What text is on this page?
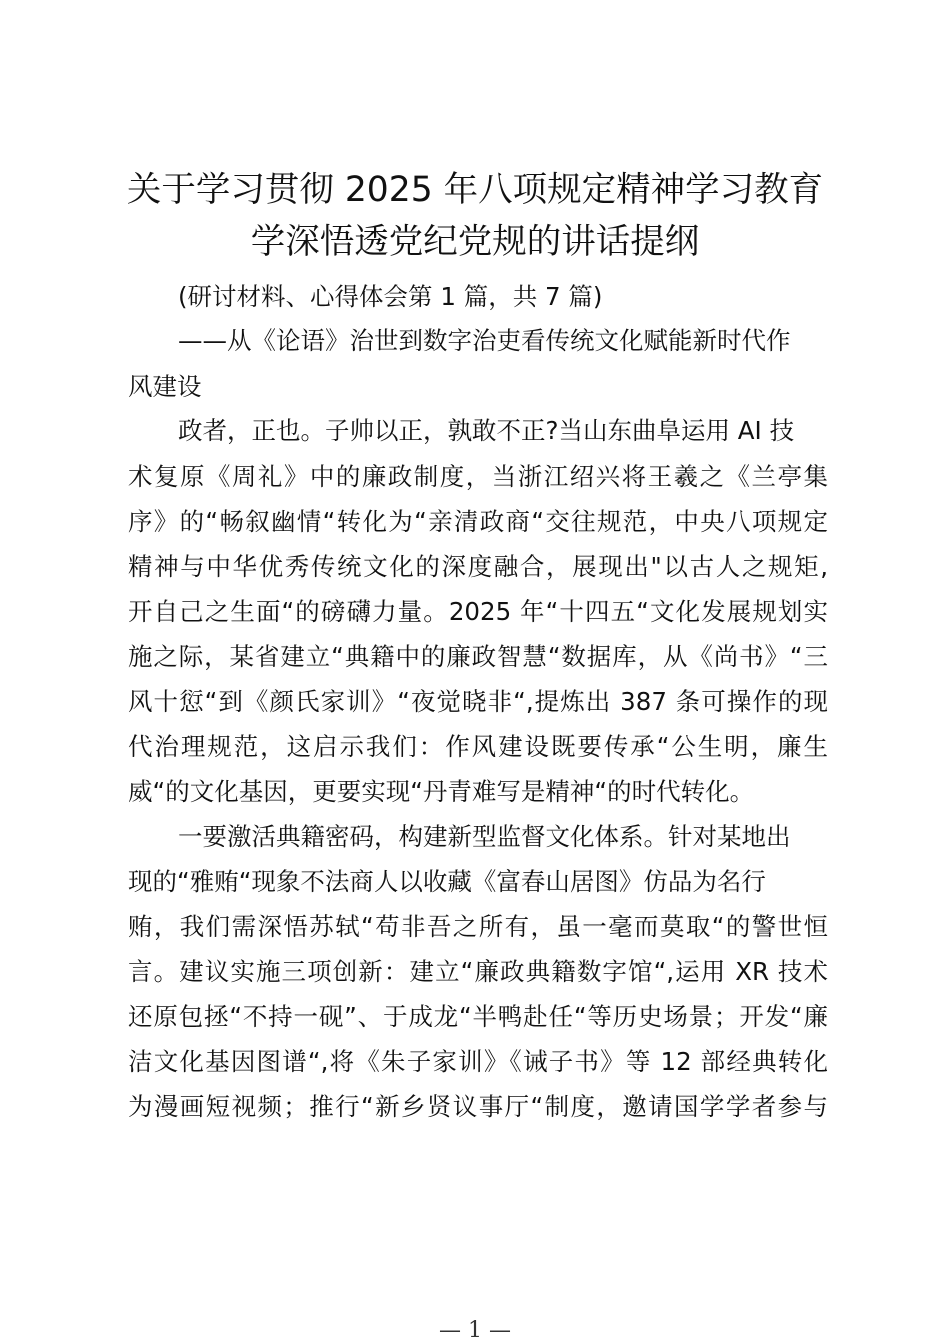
关于学习贯彻 2025 年八项规定精神学习教育
学深悟透党纪党规的讲话提纲
(研讨材料、心得体会第 1 篇，共 7 篇)
——从《论语》治世到数字治吏看传统文化赋能新时代作
风建设
政者，正也。子帅以正，孰敢不正?当山东曲阜运用 AI 技
术复原《周礼》中的廉政制度，当浙江绍兴将王羲之《兰亭集
序》的“畅叙幽情“转化为“亲清政商“交往规范，中央八项规定
精神与中华优秀传统文化的深度融合，展现出"以古人之规矩,
开自己之生面“的磅礴力量。2025 年“十四五“文化发展规划实
施之际，某省建立“典籍中的廉政智慧“数据库，从《尚书》“三
风十愆“到《颜氏家训》“夜觉晓非“,提炼出 387 条可操作的现
代治理规范，这启示我们：作风建设既要传承“公生明，廉生
威“的文化基因，更要实现“丹青难写是精神“的时代转化。
一要激活典籍密码，构建新型监督文化体系。针对某地出
现的“雅贿“现象不法商人以收藏《富春山居图》仿品为名行
贿，我们需深悟苏轼“苟非吾之所有，虽一毫而莫取“的警世恒
言。建议实施三项创新：建立“廉政典籍数字馆“,运用 XR 技术
还原包拯“不持一砚”、于成龙“半鸭赴任“等历史场景；开发“廉
洁文化基因图谱“,将《朱子家训》《诫子书》等 12 部经典转化
为漫画短视频；推行“新乡贤议事厅“制度，邀请国学学者参与
— 1 —
